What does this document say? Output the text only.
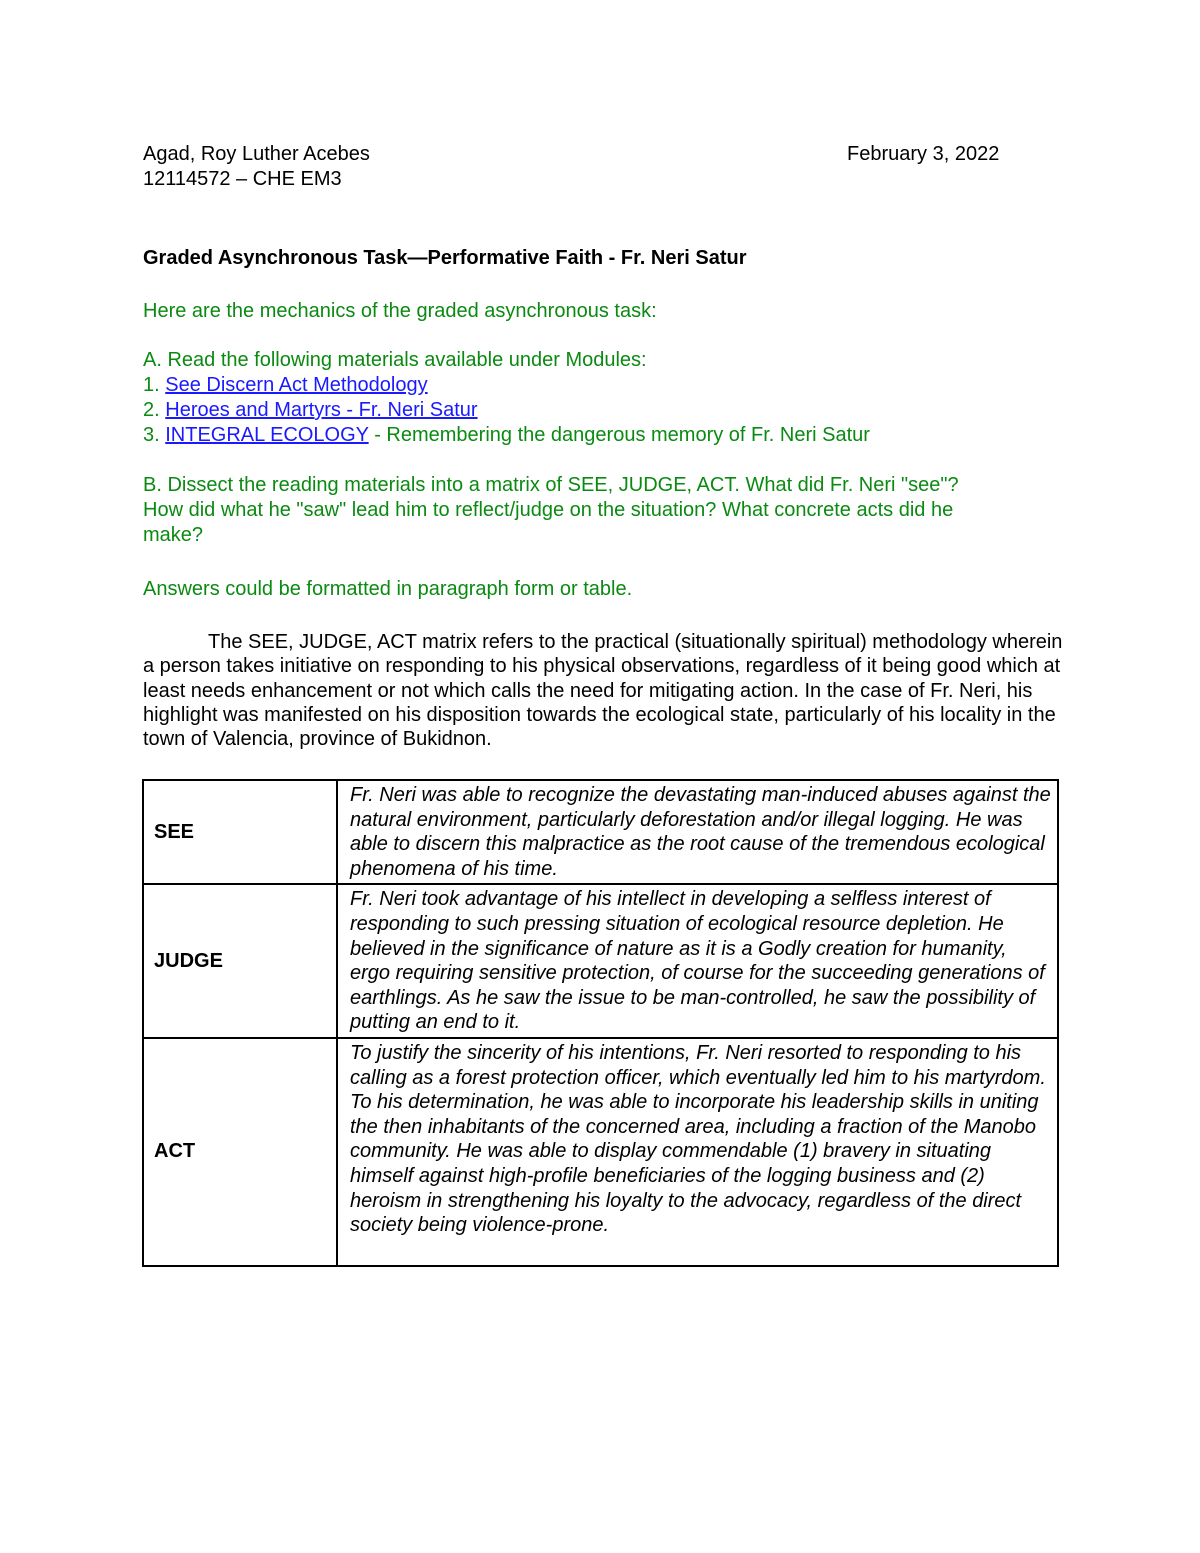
Agad, Roy Luther Acebes	February 3, 2022
12114572 – CHE EM3
Graded Asynchronous Task—Performative Faith - Fr. Neri Satur
Here are the mechanics of the graded asynchronous task:
A. Read the following materials available under Modules:
1. See Discern Act Methodology
2. Heroes and Martyrs - Fr. Neri Satur
3. INTEGRAL ECOLOGY - Remembering the dangerous memory of Fr. Neri Satur
B. Dissect the reading materials into a matrix of SEE, JUDGE, ACT. What did Fr. Neri "see"?
How did what he "saw" lead him to reflect/judge on the situation? What concrete acts did he
make?
Answers could be formatted in paragraph form or table.
The SEE, JUDGE, ACT matrix refers to the practical (situationally spiritual) methodology wherein a person takes initiative on responding to his physical observations, regardless of it being good which at least needs enhancement or not which calls the need for mitigating action. In the case of Fr. Neri, his highlight was manifested on his disposition towards the ecological state, particularly of his locality in the town of Valencia, province of Bukidnon.
SEE	Fr. Neri was able to recognize the devastating man-induced abuses against the natural environment, particularly deforestation and/or illegal logging. He was able to discern this malpractice as the root cause of the tremendous ecological phenomena of his time.
JUDGE	Fr. Neri took advantage of his intellect in developing a selfless interest of responding to such pressing situation of ecological resource depletion. He believed in the significance of nature as it is a Godly creation for humanity, ergo requiring sensitive protection, of course for the succeeding generations of earthlings. As he saw the issue to be man-controlled, he saw the possibility of putting an end to it.
ACT	To justify the sincerity of his intentions, Fr. Neri resorted to responding to his calling as a forest protection officer, which eventually led him to his martyrdom. To his determination, he was able to incorporate his leadership skills in uniting the then inhabitants of the concerned area, including a fraction of the Manobo community. He was able to display commendable (1) bravery in situating himself against high-profile beneficiaries of the logging business and (2) heroism in strengthening his loyalty to the advocacy, regardless of the direct society being violence-prone.
